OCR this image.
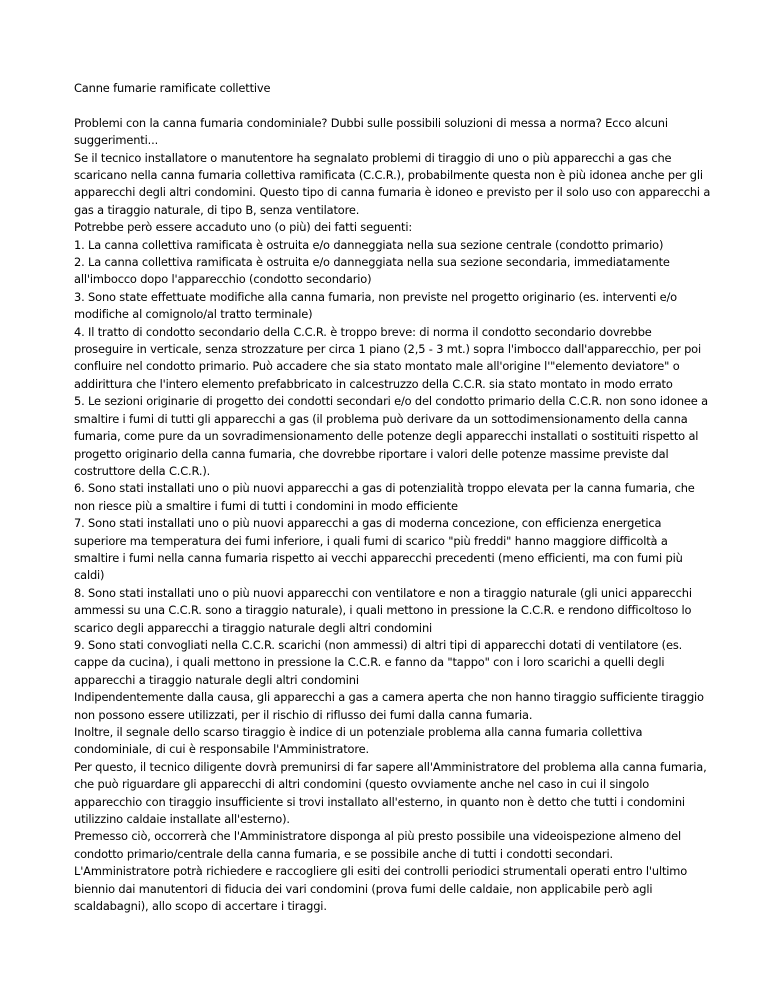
Canne fumarie ramificate collettive

Problemi con la canna fumaria condominiale? Dubbi sulle possibili soluzioni di messa a norma? Ecco alcuni suggerimenti...

Se il tecnico installatore o manutentore ha segnalato problemi di tiraggio di uno o più apparecchi a gas che scaricano nella canna fumaria collettiva ramificata (C.C.R.), probabilmente questa non è più idonea anche per gli apparecchi degli altri condomini. Questo tipo di canna fumaria è idoneo e previsto per il solo uso con apparecchi a gas a tiraggio naturale, di tipo B, senza ventilatore.

Potrebbe però essere accaduto uno (o più) dei fatti seguenti:

1. La canna collettiva ramificata è ostruita e/o danneggiata nella sua sezione centrale (condotto primario)

2. La canna collettiva ramificata è ostruita e/o danneggiata nella sua sezione secondaria, immediatamente all'imbocco dopo l'apparecchio (condotto secondario)

3. Sono state effettuate modifiche alla canna fumaria, non previste nel progetto originario (es. interventi e/o modifiche al comignolo/al tratto terminale)

4. Il tratto di condotto secondario della C.C.R. è troppo breve: di norma il condotto secondario dovrebbe proseguire in verticale, senza strozzature per circa 1 piano (2,5 - 3 mt.) sopra l'imbocco dall'apparecchio, per poi confluire nel condotto primario. Può accadere che sia stato montato male all'origine l'"elemento deviatore" o addirittura che l'intero elemento prefabbricato in calcestruzzo della C.C.R. sia stato montato in modo errato

5. Le sezioni originarie di progetto dei condotti secondari e/o del condotto primario della C.C.R. non sono idonee a smaltire i fumi di tutti gli apparecchi a gas (il problema può derivare da un sottodimensionamento della canna fumaria, come pure da un sovradimensionamento delle potenze degli apparecchi installati o sostituiti rispetto al progetto originario della canna fumaria, che dovrebbe riportare i valori delle potenze massime previste dal costruttore della C.C.R.).

6. Sono stati installati uno o più nuovi apparecchi a gas di potenzialità troppo elevata per la canna fumaria, che non riesce più a smaltire i fumi di tutti i condomini in modo efficiente

7. Sono stati installati uno o più nuovi apparecchi a gas di moderna concezione, con efficienza energetica superiore ma temperatura dei fumi inferiore, i quali fumi di scarico "più freddi" hanno maggiore difficoltà a smaltire i fumi nella canna fumaria rispetto ai vecchi apparecchi precedenti (meno efficienti, ma con fumi più caldi)

8. Sono stati installati uno o più nuovi apparecchi con ventilatore e non a tiraggio naturale (gli unici apparecchi ammessi su una C.C.R. sono a tiraggio naturale), i quali mettono in pressione la C.C.R. e rendono difficoltoso lo scarico degli apparecchi a tiraggio naturale degli altri condomini

9. Sono stati convogliati nella C.C.R. scarichi (non ammessi) di altri tipi di apparecchi dotati di ventilatore (es. cappe da cucina), i quali mettono in pressione la C.C.R. e fanno da "tappo" con i loro scarichi a quelli degli apparecchi a tiraggio naturale degli altri condomini

Indipendentemente dalla causa, gli apparecchi a gas a camera aperta che non hanno tiraggio sufficiente tiraggio non possono essere utilizzati, per il rischio di riflusso dei fumi dalla canna fumaria.

Inoltre, il segnale dello scarso tiraggio è indice di un potenziale problema alla canna fumaria collettiva condominiale, di cui è responsabile l'Amministratore.

Per questo, il tecnico diligente dovrà premunirsi di far sapere all'Amministratore del problema alla canna fumaria, che può riguardare gli apparecchi di altri condomini (questo ovviamente anche nel caso in cui il singolo apparecchio con tiraggio insufficiente si trovi installato all'esterno, in quanto non è detto che tutti i condomini utilizzino caldaie installate all'esterno).

Premesso ciò, occorrerà che l'Amministratore disponga al più presto possibile una videoispezione almeno del condotto primario/centrale della canna fumaria, e se possibile anche di tutti i condotti secondari.

L'Amministratore potrà richiedere e raccogliere gli esiti dei controlli periodici strumentali operati entro l'ultimo biennio dai manutentori di fiducia dei vari condomini (prova fumi delle caldaie, non applicabile però agli scaldabagni), allo scopo di accertare i tiraggi.
